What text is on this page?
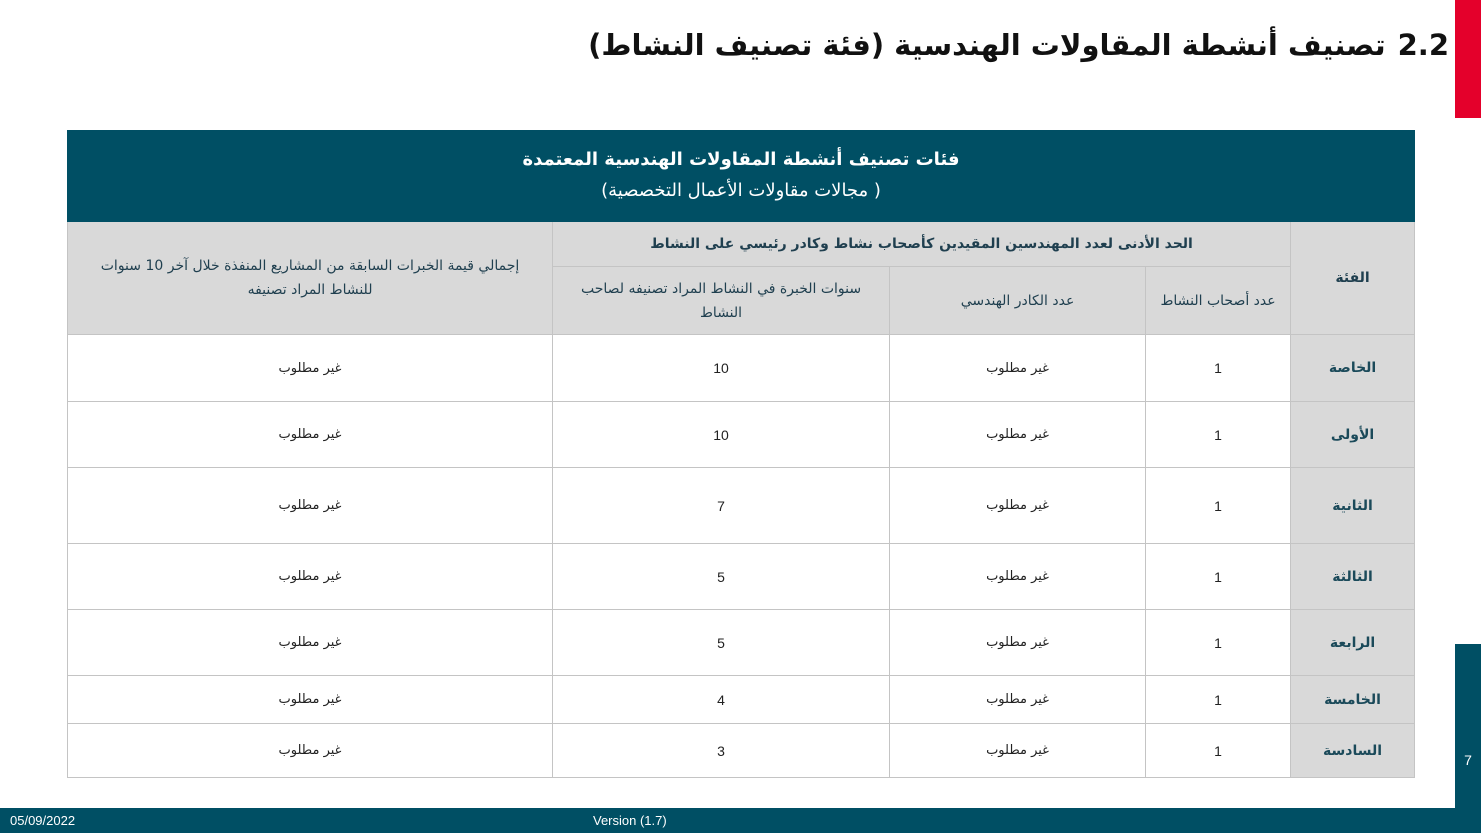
2.2تصنيف أنشطة المقاولات الهندسية (فئة تصنيف النشاط)
فئات تصنيف أنشطة المقاولات الهندسية المعتمدة
( مجالات مقاولات الأعمال التخصصية)				

الفئة	الحد الأدنى لعدد المهندسين المقيدين كأصحاب نشاط وكادر رئيسي على النشاط			إجمالي قيمة الخبرات السابقة من المشاريع المنفذة خلال آخر 10 سنوات للنشاط المراد تصنيفه
	عدد أصحاب النشاط	عدد الكادر الهندسي	سنوات الخبرة في النشاط المراد تصنيفه لصاحب النشاط	
الخاصة	1	غير مطلوب	10	غير مطلوب
الأولى	1	غير مطلوب	10	غير مطلوب
الثانية	1	غير مطلوب	7	غير مطلوب
الثالثة	1	غير مطلوب	5	غير مطلوب
الرابعة	1	غير مطلوب	5	غير مطلوب
الخامسة	1	غير مطلوب	4	غير مطلوب
السادسة	1	غير مطلوب	3	غير مطلوب
7
05/09/2022	Version (1.7)
